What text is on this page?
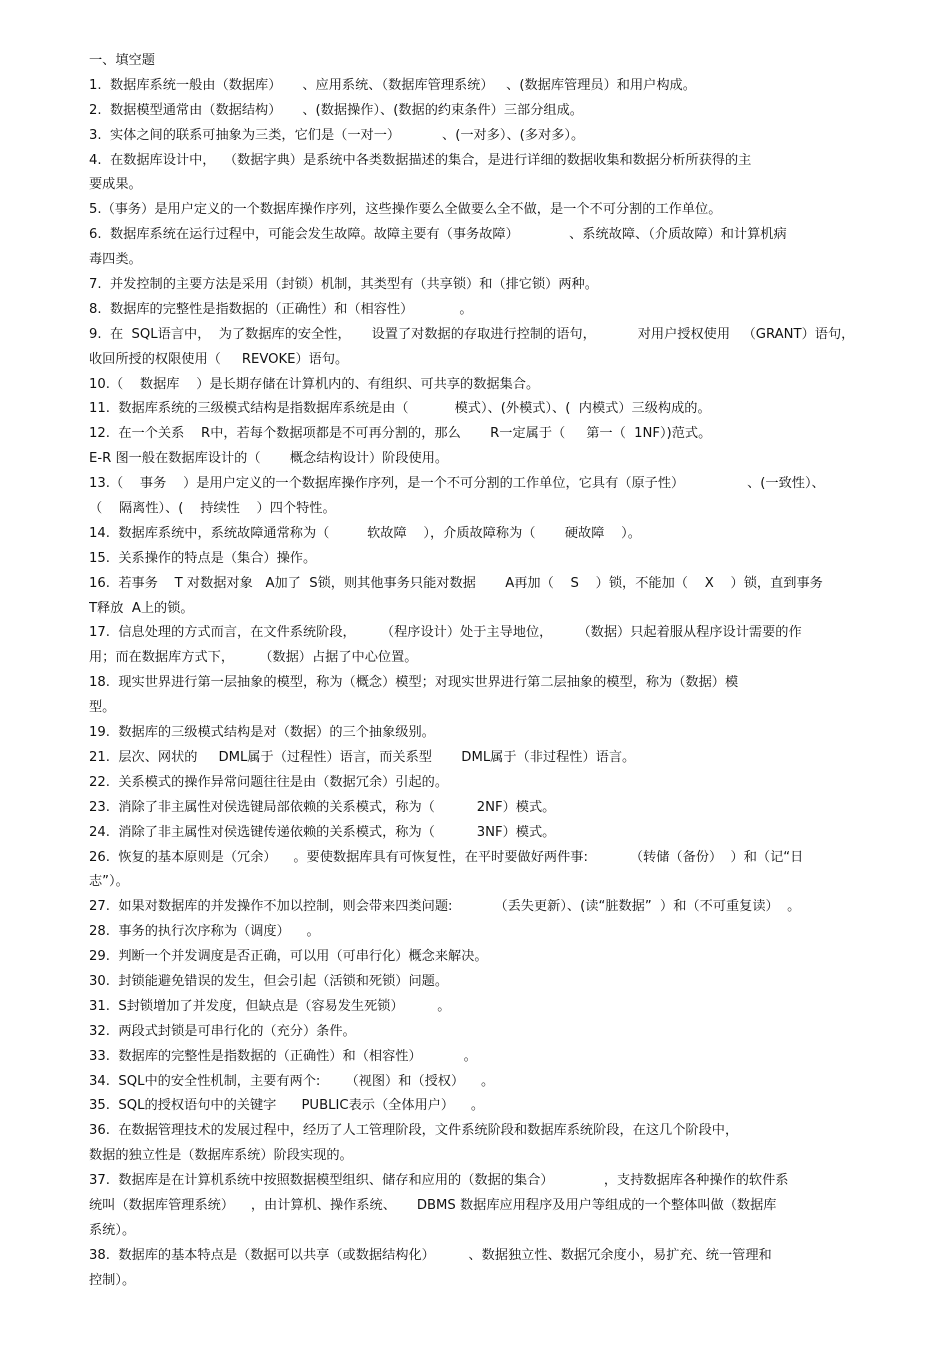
一、填空题
1.  数据库系统一般由（数据库）     、应用系统、（数据库管理系统）   、(数据库管理员）和用户构成。
2.  数据模型通常由（数据结构）     、(数据操作）、(数据的约束条件）三部分组成。
3.  实体之间的联系可抽象为三类，它们是（一对一）          、(一对多）、(多对多）。
4.  在数据库设计中，  （数据字典）是系统中各类数据描述的集合，是进行详细的数据收集和数据分析所获得的主
要成果。
5.（事务）是用户定义的一个数据库操作序列，这些操作要么全做要么全不做，是一个不可分割的工作单位。
6.  数据库系统在运行过程中，可能会发生故障。故障主要有（事务故障）            、系统故障、（介质故障）和计算机病
毒四类。
7.  并发控制的主要方法是采用（封锁）机制，其类型有（共享锁）和（排它锁）两种。
8.  数据库的完整性是指数据的（正确性）和（相容性）           。
9.  在  SQL语言中，  为了数据库的安全性，     设置了对数据的存取进行控制的语句，          对用户授权使用   （GRANT）语句，
收回所授的权限使用（     REVOKE）语句。
10.（    数据库    ）是长期存储在计算机内的、有组织、可共享的数据集合。
11.  数据库系统的三级模式结构是指数据库系统是由（           模式）、(外模式）、(  内模式）三级构成的。
12.  在一个关系    R中，若每个数据项都是不可再分割的，那么       R一定属于（     第一（  1NF）)范式。
E-R 图一般在数据库设计的（       概念结构设计）阶段使用。
13.（    事务    ）是用户定义的一个数据库操作序列，是一个不可分割的工作单位，它具有（原子性）               、(一致性）、
（    隔离性）、(    持续性    ）四个特性。
14.  数据库系统中，系统故障通常称为（         软故障    ），介质故障称为（       硬故障    ）。
15.  关系操作的特点是（集合）操作。
16.  若事务    T 对数据对象   A加了  S锁，则其他事务只能对数据       A再加（    S    ）锁，不能加（    X    ）锁，直到事务
T释放  A上的锁。
17.  信息处理的方式而言，在文件系统阶段，      （程序设计）处于主导地位，      （数据）只起着服从程序设计需要的作
用；而在数据库方式下，      （数据）占据了中心位置。
18.  现实世界进行第一层抽象的模型，称为（概念）模型；对现实世界进行第二层抽象的模型，称为（数据）模
型。
19.  数据库的三级模式结构是对（数据）的三个抽象级别。
21.  层次、网状的     DML属于（过程性）语言，而关系型       DML属于（非过程性）语言。
22.  关系模式的操作异常问题往往是由（数据冗余）引起的。
23.  消除了非主属性对侯选键局部依赖的关系模式，称为（          2NF）模式。
24.  消除了非主属性对侯选键传递依赖的关系模式，称为（          3NF）模式。
26.  恢复的基本原则是（冗余）    。要使数据库具有可恢复性，在平时要做好两件事:          （转储（备份）  ）和（记“日
志”）。
27.  如果对数据库的并发操作不加以控制，则会带来四类问题:          （丢失更新）、(读“脏数据”  ）和（不可重复读）  。
28.  事务的执行次序称为（调度）    。
29.  判断一个并发调度是否正确，可以用（可串行化）概念来解决。
30.  封锁能避免错误的发生，但会引起（活锁和死锁）问题。
31.  S封锁增加了并发度，但缺点是（容易发生死锁）        。
32.  两段式封锁是可串行化的（充分）条件。
33.  数据库的完整性是指数据的（正确性）和（相容性）          。
34.  SQL中的安全性机制，主要有两个:      （视图）和（授权）    。
35.  SQL的授权语句中的关键字      PUBLIC表示（全体用户）    。
36.  在数据管理技术的发展过程中，经历了人工管理阶段，文件系统阶段和数据库系统阶段，在这几个阶段中，
数据的独立性是（数据库系统）阶段实现的。
37.  数据库是在计算机系统中按照数据模型组织、储存和应用的（数据的集合）            ，支持数据库各种操作的软件系
统叫（数据库管理系统）    ，由计算机、操作系统、     DBMS 数据库应用程序及用户等组成的一个整体叫做（数据库
系统）。
38.  数据库的基本特点是（数据可以共享（或数据结构化）        、数据独立性、数据冗余度小，易扩充、统一管理和
控制）。
